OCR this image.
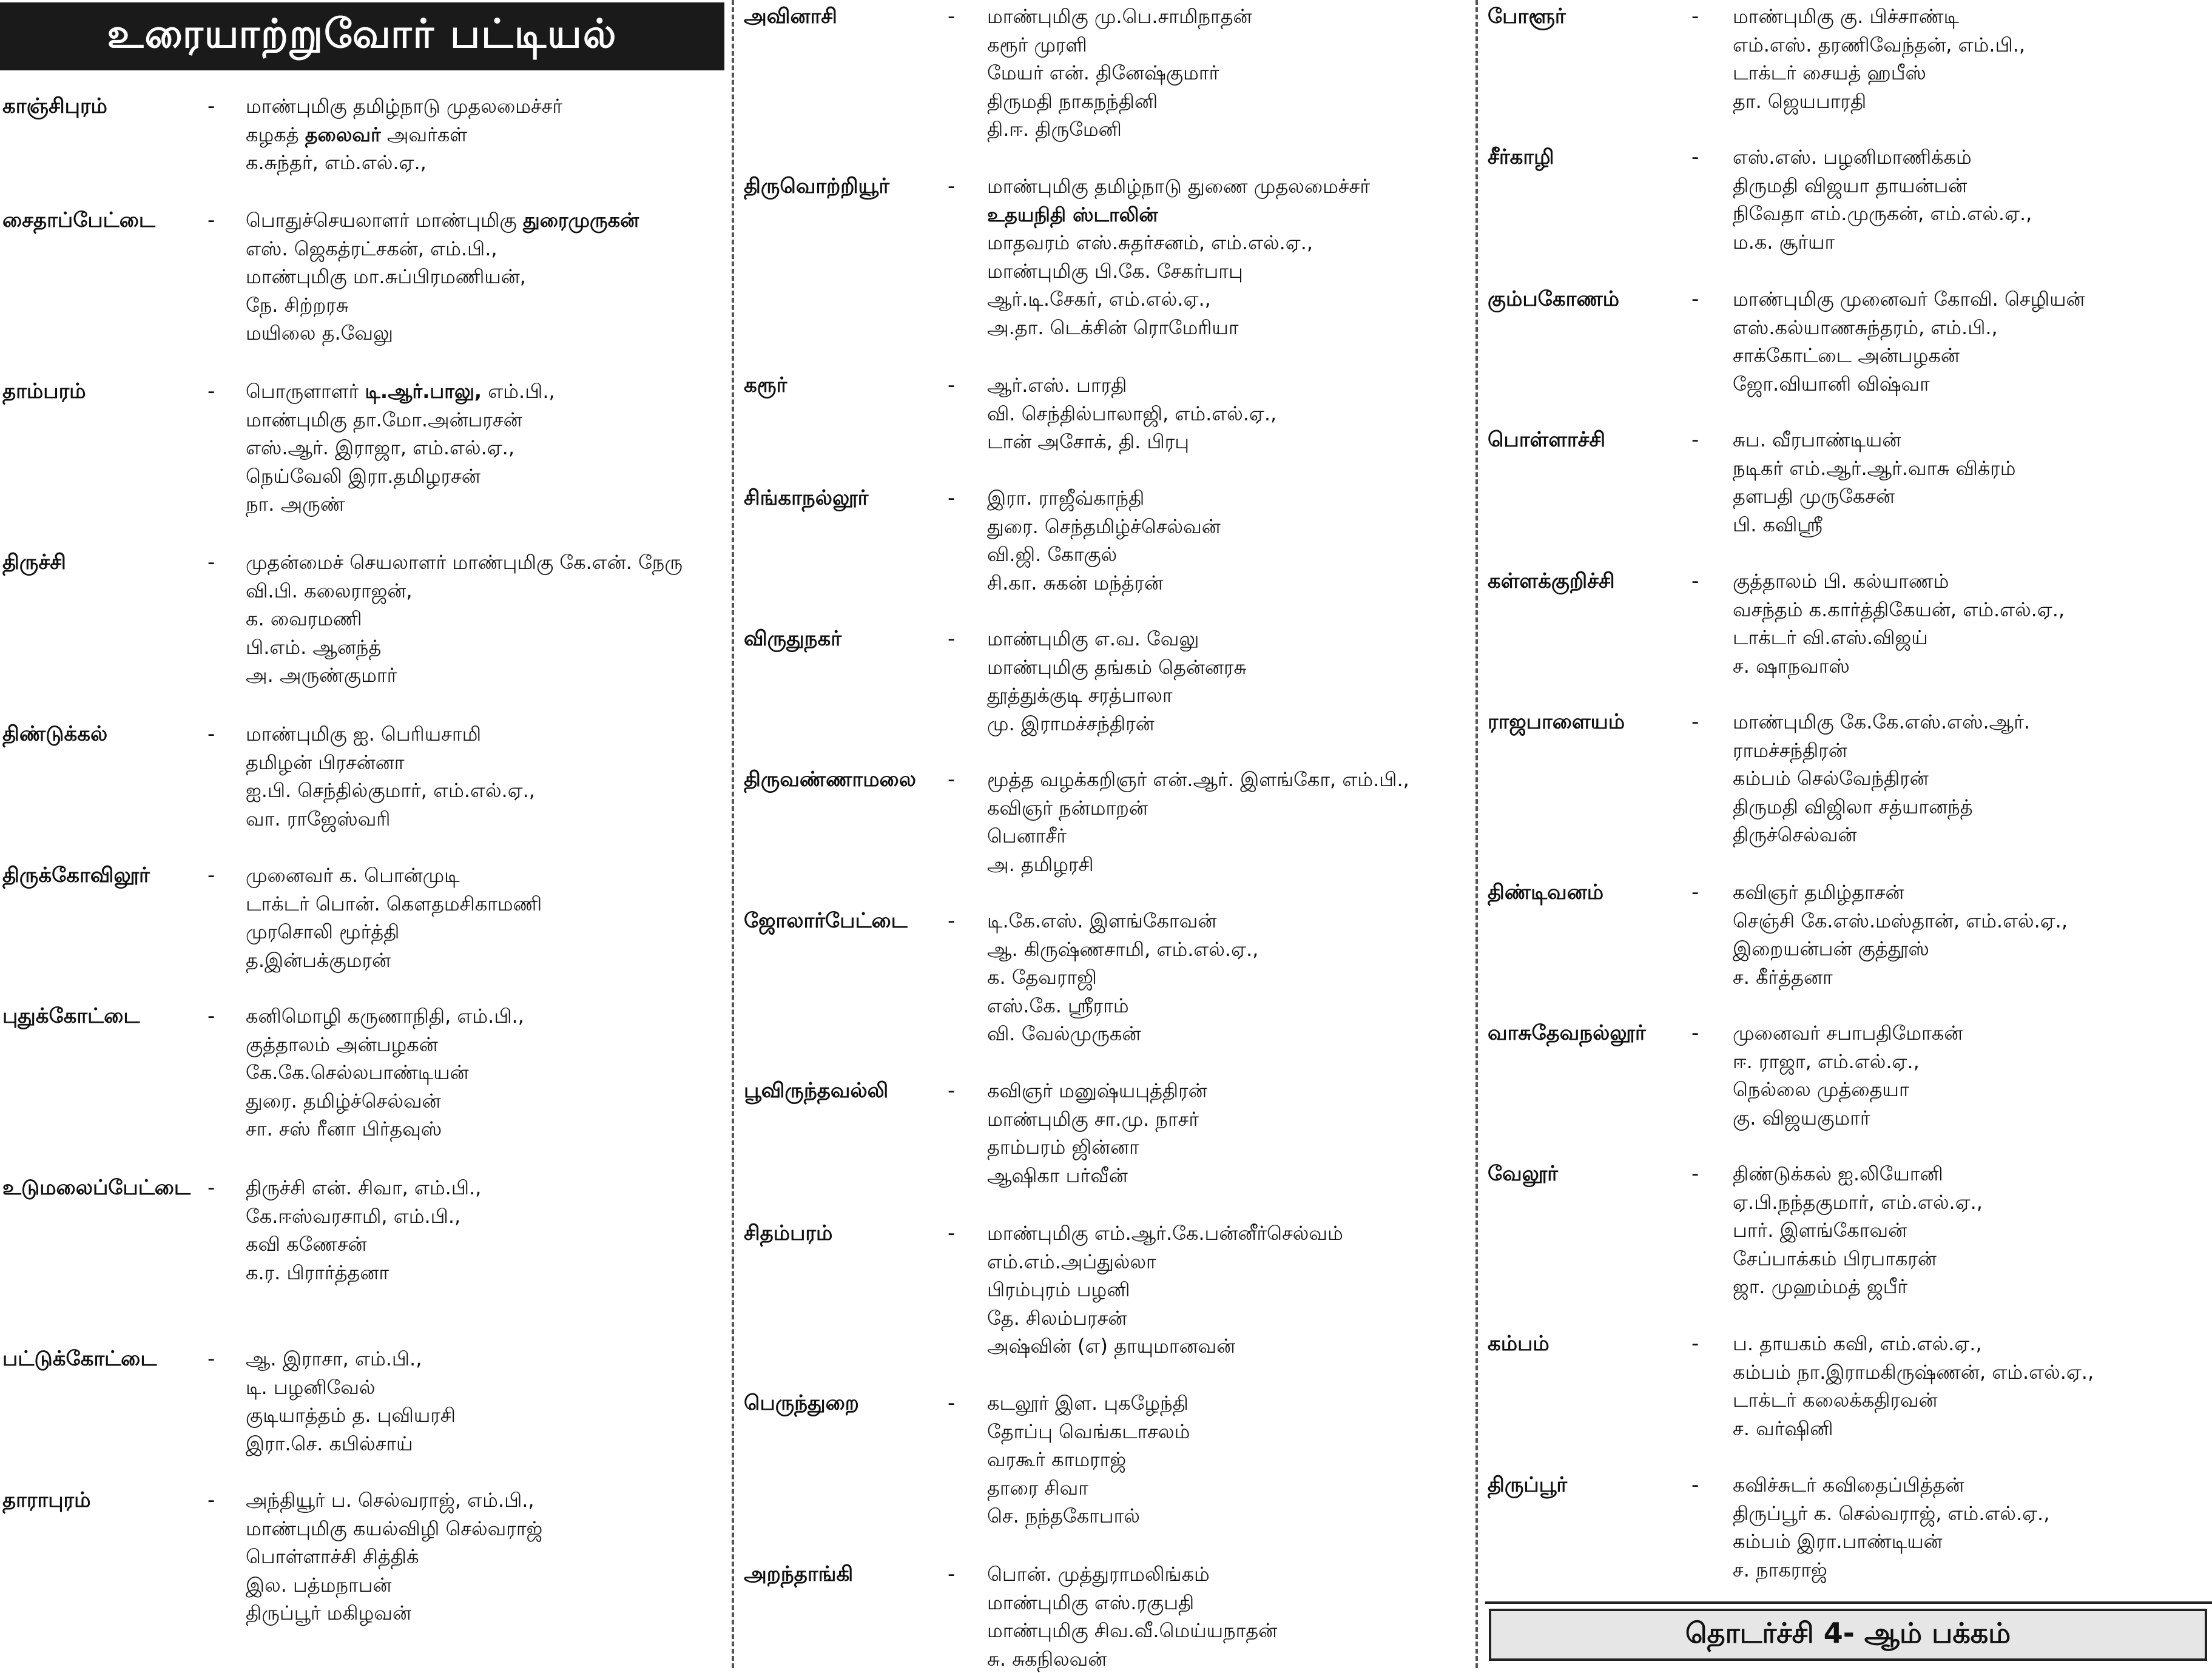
உரையாற்றுவோர் பட்டியல்
காஞ்சிபுரம்	- மாண்புமிகு தமிழ்நாடு முதலமைச்சர்
கழகத் தலைவர் அவர்கள்
க.சுந்தர், எம்.எல்.ஏ.,
சைதாப்பேட்டை	- பொதுச்செயலாளர் மாண்புமிகு துரைமுருகன்
எஸ். ஜெகத்ரட்சகன், எம்.பி.,
மாண்புமிகு மா.சுப்பிரமணியன்,
நே. சிற்றரசு
மயிலை த.வேலு
தாம்பரம்	- பொருளாளர் டி.ஆர்.பாலு, எம்.பி.,
மாண்புமிகு தா.மோ.அன்பரசன்
எஸ்.ஆர். இராஜா, எம்.எல்.ஏ.,
நெய்வேலி இரா.தமிழரசன்
நா. அருண்
திருச்சி	- முதன்மைச் செயலாளர் மாண்புமிகு கே.என். நேரு
வி.பி. கலைராஜன்,
க. வைரமணி
பி.எம். ஆனந்த்
அ. அருண்குமார்
திண்டுக்கல்	- மாண்புமிகு ஐ. பெரியசாமி
தமிழன் பிரசன்னா
ஐ.பி. செந்தில்குமார், எம்.எல்.ஏ.,
வா. ராஜேஸ்வரி
திருக்கோவிலூர்	- முனைவர் க. பொன்முடி
டாக்டர் பொன். கௌதமசிகாமணி
முரசொலி மூர்த்தி
த.இன்பக்குமரன்
புதுக்கோட்டை	- கனிமொழி கருணாநிதி, எம்.பி.,
குத்தாலம் அன்பழகன்
கே.கே.செல்லபாண்டியன்
துரை. தமிழ்ச்செல்வன்
சா. சஸ் ரீனா பிர்தவுஸ்
உடுமலைப்பேட்டை - திருச்சி என். சிவா, எம்.பி.,
கே.ஈஸ்வரசாமி, எம்.பி.,
கவி கணேசன்
க.ர. பிரார்த்தனா
பட்டுக்கோட்டை - ஆ. இராசா, எம்.பி.,
டி. பழனிவேல்
குடியாத்தம் த. புவியரசி
இரா.செ. கபில்சாய்
தாராபுரம்	- அந்தியூர் ப. செல்வராஜ், எம்.பி.,
மாண்புமிகு கயல்விழி செல்வராஜ்
பொள்ளாச்சி சித்திக்
இல. பத்மநாபன்
திருப்பூர் மகிழவன்
அவினாசி	- மாண்புமிகு மு.பெ.சாமிநாதன்
கரூர் முரளி
மேயர் என். தினேஷ்குமார்
திருமதி நாகநந்தினி
தி.ஈ. திருமேனி
திருவொற்றியூர்	- மாண்புமிகு தமிழ்நாடு துணை முதலமைச்சர்
உதயநிதி ஸ்டாலின்
மாதவரம் எஸ்.சுதர்சனம், எம்.எல்.ஏ.,
மாண்புமிகு பி.கே. சேகர்பாபு
ஆர்.டி.சேகர், எம்.எல்.ஏ.,
அ.தா. டெக்சின் ரொமேரியா
கரூர்	- ஆர்.எஸ். பாரதி
வி. செந்தில்பாலாஜி, எம்.எல்.ஏ.,
டான் அசோக், தி. பிரபு
சிங்காநல்லூர்	- இரா. ராஜீவ்காந்தி
துரை. செந்தமிழ்ச்செல்வன்
வி.ஜி. கோகுல்
சி.கா. சுகன் மந்த்ரன்
விருதுநகர்	- மாண்புமிகு எ.வ. வேலு
மாண்புமிகு தங்கம் தென்னரசு
தூத்துக்குடி சரத்பாலா
மு. இராமச்சந்திரன்
திருவண்ணாமலை - மூத்த வழக்கறிஞர் என்.ஆர். இளங்கோ, எம்.பி.,
கவிஞர் நன்மாறன்
பெனாசீர்
அ. தமிழரசி
ஜோலார்பேட்டை - டி.கே.எஸ். இளங்கோவன்
ஆ. கிருஷ்ணசாமி, எம்.எல்.ஏ.,
க. தேவராஜி
எஸ்.கே. ஸ்ரீராம்
வி. வேல்முருகன்
பூவிருந்தவல்லி	- கவிஞர் மனுஷ்யபுத்திரன்
மாண்புமிகு சா.மு. நாசர்
தாம்பரம் ஜின்னா
ஆஷிகா பர்வீன்
சிதம்பரம்	- மாண்புமிகு எம்.ஆர்.கே.பன்னீர்செல்வம்
எம்.எம்.அப்துல்லா
பிரம்புரம் பழனி
தே. சிலம்பரசன்
அஷ்வின் (எ) தாயுமானவன்
பெருந்துறை	- கடலூர் இள. புகழேந்தி
தோப்பு வெங்கடாசலம்
வரகூர் காமராஜ்
தாரை சிவா
செ. நந்தகோபால்
அறந்தாங்கி	- பொன். முத்துராமலிங்கம்
மாண்புமிகு எஸ்.ரகுபதி
மாண்புமிகு சிவ.வீ.மெய்யநாதன்
சு. சுகநிலவன்
போளூர்	- மாண்புமிகு கு. பிச்சாண்டி
எம்.எஸ். தரணிவேந்தன், எம்.பி.,
டாக்டர் சையத் ஹபீஸ்
தா. ஜெயபாரதி
சீர்காழி	- எஸ்.எஸ். பழனிமாணிக்கம்
திருமதி விஜயா தாயன்பன்
நிவேதா எம்.முருகன், எம்.எல்.ஏ.,
ம.க. சூர்யா
கும்பகோணம்	- மாண்புமிகு முனைவர் கோவி. செழியன்
எஸ்.கல்யாணசுந்தரம், எம்.பி.,
சாக்கோட்டை அன்பழகன்
ஜோ.வியானி விஷ்வா
பொள்ளாச்சி	- சுப. வீரபாண்டியன்
நடிகர் எம்.ஆர்.ஆர்.வாசு விக்ரம்
தளபதி முருகேசன்
பி. கவிஸ்ரீ
கள்ளக்குறிச்சி	- குத்தாலம் பி. கல்யாணம்
வசந்தம் க.கார்த்திகேயன், எம்.எல்.ஏ.,
டாக்டர் வி.எஸ்.விஜய்
ச. ஷாநவாஸ்
ராஜபாளையம்	- மாண்புமிகு கே.கே.எஸ்.எஸ்.ஆர்.
ராமச்சந்திரன்
கம்பம் செல்வேந்திரன்
திருமதி விஜிலா சத்யானந்த்
திருச்செல்வன்
திண்டிவனம்	- கவிஞர் தமிழ்தாசன்
செஞ்சி கே.எஸ்.மஸ்தான், எம்.எல்.ஏ.,
இறையன்பன் குத்தூஸ்
ச. கீர்த்தனா
வாசுதேவநல்லூர் - முனைவர் சபாபதிமோகன்
ஈ. ராஜா, எம்.எல்.ஏ.,
நெல்லை முத்தையா
கு. விஜயகுமார்
வேலூர்	- திண்டுக்கல் ஐ.லியோனி
ஏ.பி.நந்தகுமார், எம்.எல்.ஏ.,
பார். இளங்கோவன்
சேப்பாக்கம் பிரபாகரன்
ஜா. முஹம்மத் ஜபீர்
கம்பம்	- ப. தாயகம் கவி, எம்.எல்.ஏ.,
கம்பம் நா.இராமகிருஷ்ணன், எம்.எல்.ஏ.,
டாக்டர் கலைக்கதிரவன்
ச. வர்ஷினி
திருப்பூர்	- கவிச்சுடர் கவிதைப்பித்தன்
திருப்பூர் க. செல்வராஜ், எம்.எல்.ஏ.,
கம்பம் இரா.பாண்டியன்
ச. நாகராஜ்
தொடர்ச்சி 4- ஆம் பக்கம்
